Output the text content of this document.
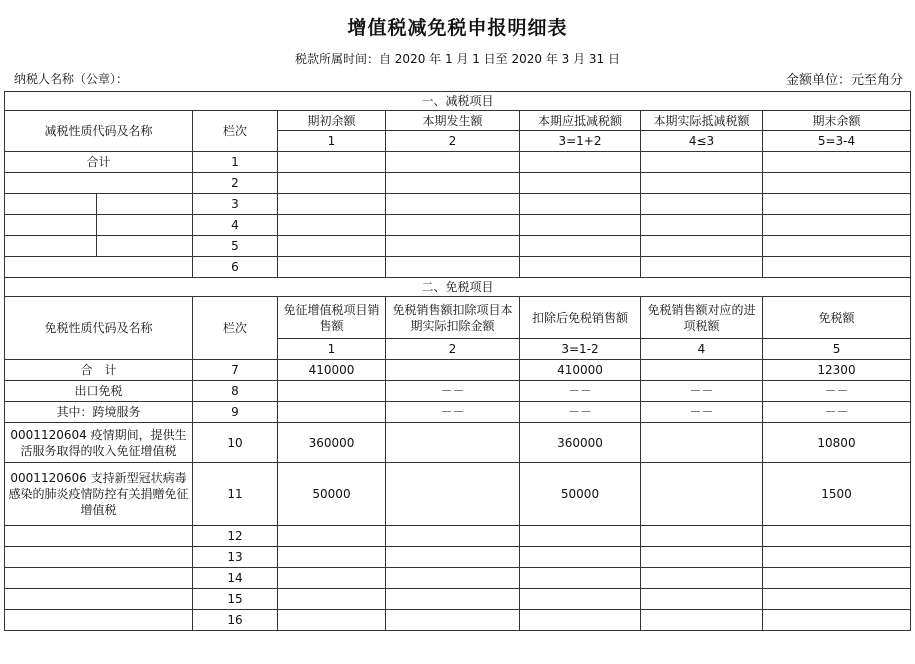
增值税减免税申报明细表
税款所属时间：自 2020 年 1 月 1 日至 2020 年 3 月 31 日
纳税人名称（公章）：	金额单位：元至角分
一、减税项目							
减税性质代码及名称		栏次	期初余额	本期发生额	本期应抵减税额	本期实际抵减税额	期末余额
			1	2	3=1+2	4≤3	5=3-4
合计		1					
		2					
		3					
		4					
		5					
		6					
二、免税项目							
免税性质代码及名称		栏次	免征增值税项目销售额	免税销售额扣除项目本期实际扣除金额	扣除后免税销售额	免税销售额对应的进项税额	免税额
			1	2	3=1-2	4	5
合　计		7	410000		410000		12300
出口免税		8		－－	－－	－－	－－
其中：跨境服务		9		－－	－－	－－	－－
0001120604 疫情期间，提供生活服务取得的收入免征增值税		10	360000		360000		10800
0001120606 支持新型冠状病毒感染的肺炎疫情防控有关捐赠免征增值税		11	50000		50000		1500
		12					
		13					
		14					
		15					
		16					
